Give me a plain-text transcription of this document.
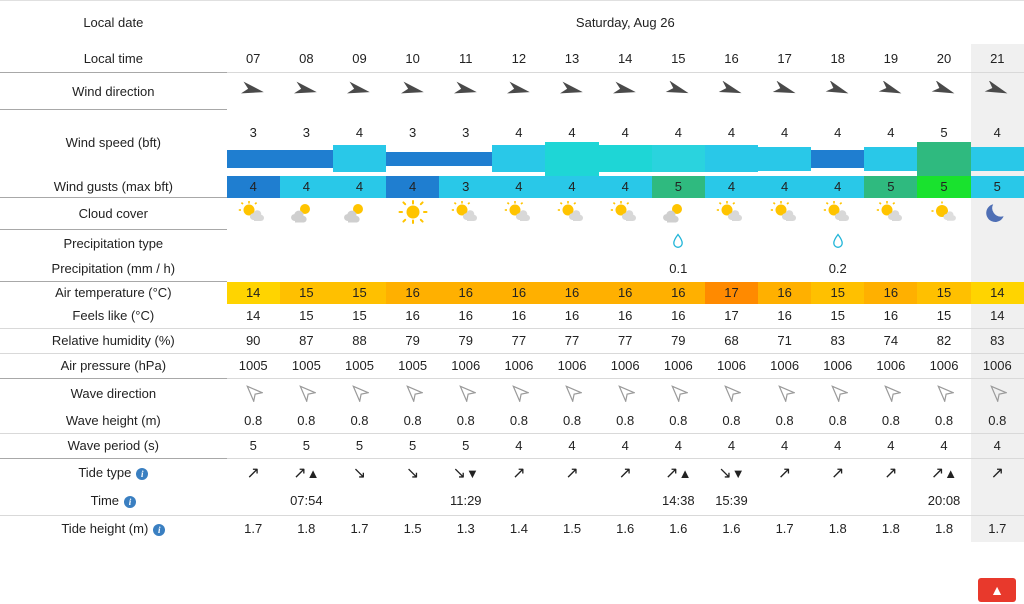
Local date	Saturday, Aug 26														
Local time	07	08	09	10	11	12	13	14	15	16	17	18	19	20	21
Wind direction															
Wind speed (bft)	3	3	4	3	3	4	4	4	4	4	4	4	4	5	4

Wind gusts (max bft)	4	4	4	4	3	4	4	4	5	4	4	4	5	5	5
Cloud cover															
Precipitation type															
Precipitation (mm / h)									0.1			0.2			
Air temperature (°C)	14	15	15	16	16	16	16	16	16	17	16	15	16	15	14
Feels like (°C)	14	15	15	16	16	16	16	16	16	17	16	15	16	15	14
Relative humidity (%)	90	87	88	79	79	77	77	77	79	68	71	83	74	82	83
Air pressure (hPa)	1005	1005	1005	1005	1006	1006	1006	1006	1006	1006	1006	1006	1006	1006	1006
Wave direction															
Wave height (m)	0.8	0.8	0.8	0.8	0.8	0.8	0.8	0.8	0.8	0.8	0.8	0.8	0.8	0.8	0.8
Wave period (s)	5	5	5	5	5	4	4	4	4	4	4	4	4	4	4
Tide type i	↗	↗▲	↘	↘	↘▼	↗	↗	↗	↗▲	↘▼	↗	↗	↗	↗▲	↗
Time i		07:54			11:29				14:38	15:39				20:08	
Tide height (m) i	1.7	1.8	1.7	1.5	1.3	1.4	1.5	1.6	1.6	1.6	1.7	1.8	1.8	1.8	1.7
▲
